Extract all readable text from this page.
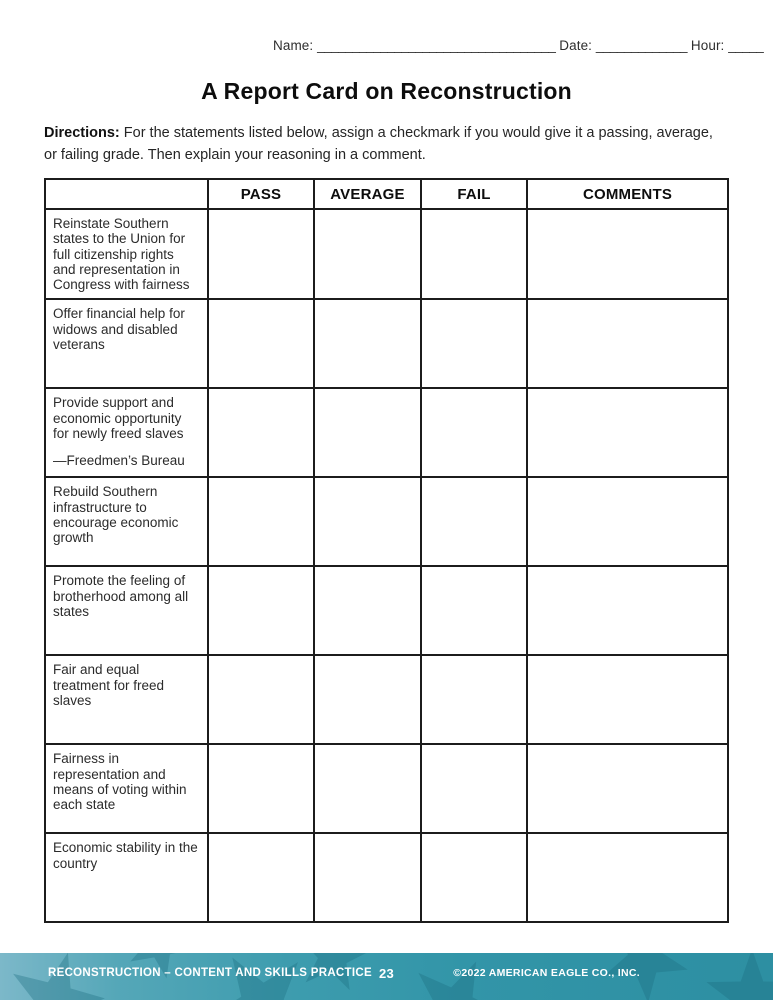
Name: __________________________________ Date: _____________ Hour: _____
A Report Card on Reconstruction
Directions: For the statements listed below, assign a checkmark if you would give it a passing, average, or failing grade. Then explain your reasoning in a comment.
	PASS	AVERAGE	FAIL	COMMENTS

Reinstate Southern states to the Union for full citizenship rights and representation in Congress with fairness				

Offer financial help for widows and disabled veterans				

Provide support and economic opportunity for newly freed slaves
—Freedmen’s Bureau				

Rebuild Southern infrastructure to encourage economic growth				

Promote the feeling of brotherhood among all states				

Fair and equal treatment for freed slaves				

Fairness in representation and means of voting within each state				

Economic stability in the country				

RECONSTRUCTION – CONTENT AND SKILLS PRACTICE 23	©2022 AMERICAN EAGLE CO., INC.
